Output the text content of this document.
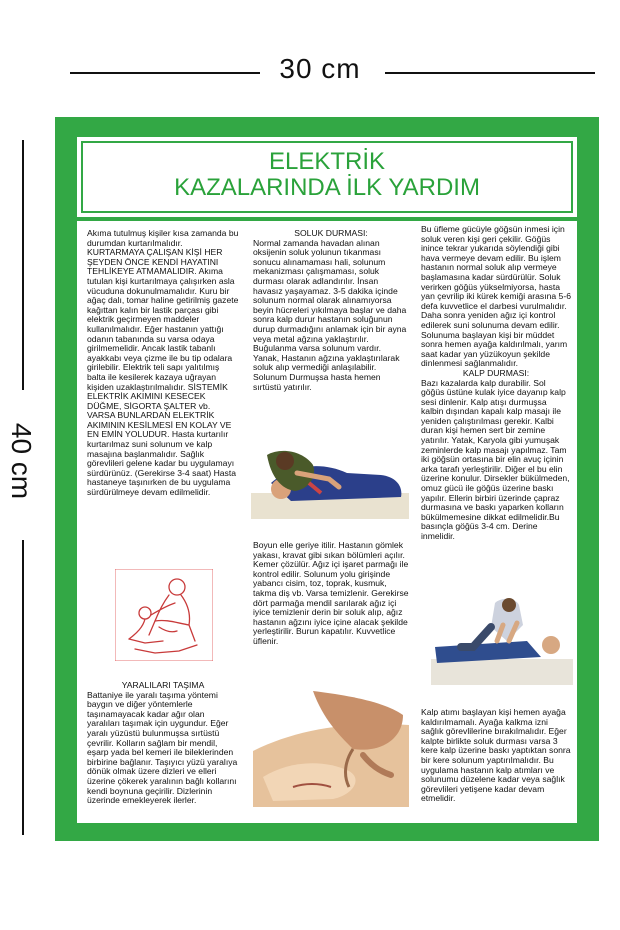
30 cm
40 cm
ELEKTRİK
KAZALARINDA İLK YARDIM

Akıma tutulmuş kişiler kısa zamanda bu durumdan kurtarılmalıdır. KURTARMAYA ÇALIŞAN KİŞİ HER ŞEYDEN ÖNCE KENDİ HAYATINI TEHLİKEYE ATMAMALIDIR. Akıma tutulan kişi kurtarılmaya çalışırken asla vücuduna dokunulmamalıdır. Kuru bir ağaç dalı, tomar haline getirilmiş gazete kağıttan kalın bir lastik parçası gibi elektrik geçirmeyen maddeler kullanılmalıdır. Eğer hastanın yattığı odanın tabanında su varsa odaya girilmemelidir. Ancak lastik tabanlı ayakkabı veya çizme ile bu tip odalara girilebilir. Elektrik teli sapı yalıtılmış balta ile kesilerek kazaya uğrayan kişiden uzaklaştırılmalıdır. SİSTEMİK ELEKTRİK AKIMINI KESECEK DÜĞME, SİGORTA ŞALTER vb. VARSA BUNLARDAN ELEKTRİK AKIMININ KESİLMESİ EN KOLAY VE EN EMİN YOLUDUR. Hasta kurtarılır kurtarılmaz suni solunum ve kalp masajına başlanmalıdır. Sağlık görevlileri gelene kadar bu uygulamayı sürdürünüz. (Gerekirse 3-4 saat) Hasta hastaneye taşınırken de bu uygulama sürdürülmeye devam edilmelidir.

YARALILARI TAŞIMA

Battaniye ile yaralı taşıma yöntemi baygın ve diğer yöntemlerle taşınamayacak kadar ağır olan yaralıları taşımak için uygundur. Eğer yaralı yüzüstü bulunmuşsa sırtüstü çevrilir. Kolların sağlam bir mendil, eşarp yada bel kemeri ile bileklerinden birbirine bağlanır. Taşıyıcı yüzü yaralıya dönük olmak üzere dizleri ve elleri üzerine çökerek yaralının bağlı kollarını kendi boynuna geçirilir. Dizlerinin üzerinde emekleyerek ilerler.

SOLUK DURMASI:

Normal zamanda havadan alınan oksijenin soluk yolunun tıkanması sonucu alınamaması hali, solunum mekanizması çalışmaması, soluk durması olarak adlandırılır. İnsan havasız yaşayamaz. 3-5 dakika içinde solunum normal olarak alınamıyorsa beyin hücreleri yıkılmaya başlar ve daha sonra kalp durur hastanın soluğunun durup durmadığını anlamak için bir ayna veya metal ağzına yaklaştırılır. Buğulanma varsa solunum vardır. Yanak, Hastanın ağzına yaklaştırılarak soluk alıp vermediği anlaşılabilir. Solunum Durmuşsa hasta hemen sırtüstü yatırılır.

Boyun elle geriye itilir. Hastanın gömlek yakası, kravat gibi sıkan bölümleri açılır. Kemer çözülür. Ağız içi işaret parmağı ile kontrol edilir. Solunum yolu girişinde yabancı cisim, toz, toprak, kusmuk, takma diş vb. Varsa temizlenir. Gerekirse dört parmağa mendil sarılarak ağız içi iyice temizlenir derin bir soluk alıp, ağız hastanın ağzını iyice içine alacak şekilde yerleştirilir. Burun kapatılır. Kuvvetlice üflenir.

Bu üfleme gücüyle göğsün inmesi için soluk veren kişi geri çekilir. Göğüs inince tekrar yukarıda söylendiği gibi hava vermeye devam edilir. Bu işlem hastanın normal soluk alıp vermeye başlamasına kadar sürdürülür. Soluk verirken göğüs yükselmiyorsa, hasta yan çevrilip iki kürek kemiği arasına 5-6 defa kuvvetlice el darbesi vurulmalıdır. Daha sonra yeniden ağız içi kontrol edilerek suni solunuma devam edilir. Solunuma başlayan kişi bir müddet sonra hemen ayağa kaldırılmalı, yarım saat kadar yan yüzükoyun şekilde dinlenmesi sağlanmalıdır.

KALP DURMASI:

Bazı kazalarda kalp durabilir. Sol göğüs üstüne kulak iyice dayanıp kalp sesi dinlenir. Kalp atışı durmuşsa kalbin dışından kapalı kalp masajı ile yeniden çalıştırılması gerekir. Kalbi duran kişi hemen sert bir zemine yatırılır. Yatak, Karyola gibi yumuşak zeminlerde kalp masajı yapılmaz. Tam iki göğsün ortasına bir elin avuç içinin arka tarafı yerleştirilir. Diğer el bu elin üzerine konulur. Dirsekler bükülmeden, omuz gücü ile göğüs üzerine baskı yapılır. Ellerin birbiri üzerinde çapraz durmasına ve baskı yaparken kolların bükülmemesine dikkat edilmelidir.Bu basınçla göğüs 3-4 cm. Derine inmelidir.

Kalp atımı başlayan kişi hemen ayağa kaldırılmamalı. Ayağa kalkma izni sağlık görevlilerine bırakılmalıdır. Eğer kalpte birlikte soluk durması varsa 3 kere kalp üzerine baskı yaptıktan sonra bir kere solunum yaptırılmalıdır. Bu uygulama hastanın kalp atımları ve solunumu düzelene kadar veya sağlık görevlileri yetişene kadar devam etmelidir.
